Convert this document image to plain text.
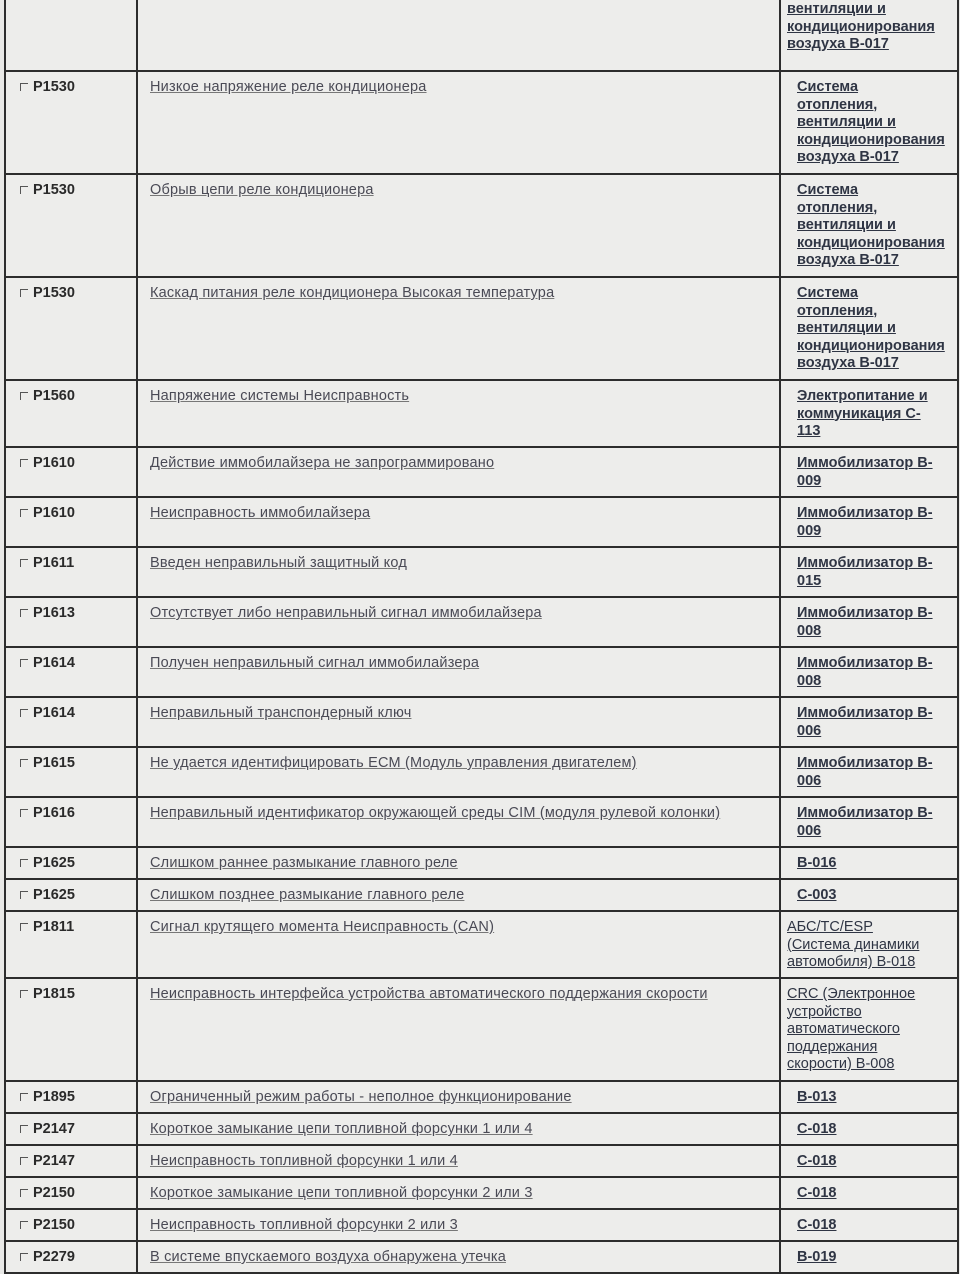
		вентиляции и
кондиционирования
воздуха В-017
P1530	Низкое напряжение реле кондиционера	Система
отопления,
вентиляции и
кондиционирования
воздуха В-017
P1530	Обрыв цепи реле кондиционера	Система
отопления,
вентиляции и
кондиционирования
воздуха В-017
P1530	Каскад питания реле кондиционера Высокая температура	Система
отопления,
вентиляции и
кондиционирования
воздуха В-017
P1560	Напряжение системы Неисправность	Электропитание и
коммуникация С-
113
P1610	Действие иммобилайзера не запрограммировано	Иммобилизатор В-
009
P1610	Неисправность иммобилайзера	Иммобилизатор В-
009
P1611	Введен неправильный защитный код	Иммобилизатор В-
015
P1613	Отсутствует либо неправильный сигнал иммобилайзера	Иммобилизатор В-
008
P1614	Получен неправильный сигнал иммобилайзера	Иммобилизатор В-
008
P1614	Неправильный транспондерный ключ	Иммобилизатор В-
006
P1615	Не удается идентифицировать ЕСМ (Модуль управления двигателем)	Иммобилизатор В-
006
P1616	Неправильный идентификатор окружающей среды CIM (модуля рулевой колонки)	Иммобилизатор В-
006
P1625	Слишком раннее размыкание главного реле	В-016
P1625	Слишком позднее размыкание главного реле	С-003
P1811	Сигнал крутящего момента Неисправность (CAN)	АБС/TC/ESP
(Система динамики
автомобиля) В-018
P1815	Неисправность интерфейса устройства автоматического поддержания скорости	CRC (Электронное
устройство
автоматического
поддержания
скорости) В-008
P1895	Ограниченный режим работы - неполное функционирование	В-013
P2147	Короткое замыкание цепи топливной форсунки 1 или 4	С-018
P2147	Неисправность топливной форсунки 1 или 4	С-018
P2150	Короткое замыкание цепи топливной форсунки 2 или 3	С-018
P2150	Неисправность топливной форсунки 2 или 3	С-018
P2279	В системе впускаемого воздуха обнаружена утечка	В-019
